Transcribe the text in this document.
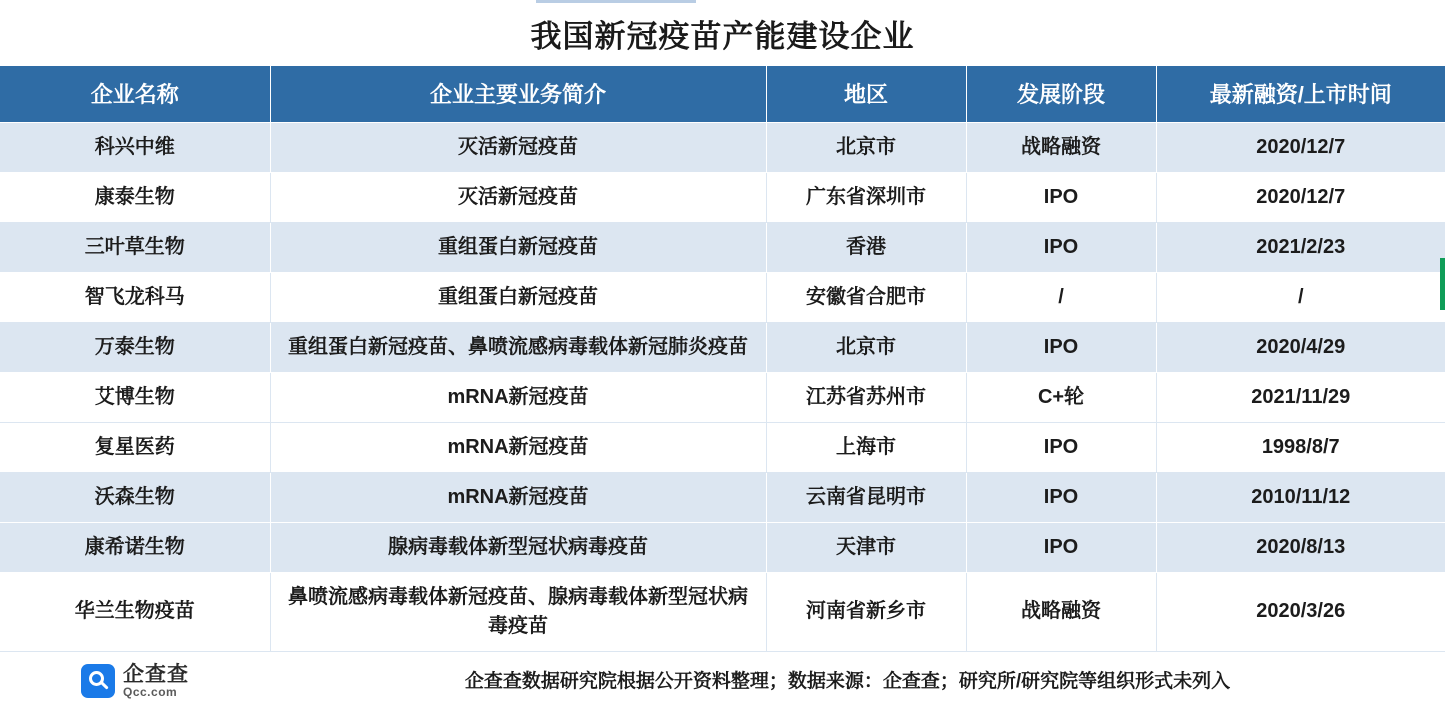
我国新冠疫苗产能建设企业
企业名称	企业主要业务简介	地区	发展阶段	最新融资/上市时间
科兴中维	灭活新冠疫苗	北京市	战略融资	2020/12/7
康泰生物	灭活新冠疫苗	广东省深圳市	IPO	2020/12/7
三叶草生物	重组蛋白新冠疫苗	香港	IPO	2021/2/23
智飞龙科马	重组蛋白新冠疫苗	安徽省合肥市	/	/
万泰生物	重组蛋白新冠疫苗、鼻喷流感病毒载体新冠肺炎疫苗	北京市	IPO	2020/4/29
艾博生物	mRNA新冠疫苗	江苏省苏州市	C+轮	2021/11/29
复星医药	mRNA新冠疫苗	上海市	IPO	1998/8/7
沃森生物	mRNA新冠疫苗	云南省昆明市	IPO	2010/11/12
康希诺生物	腺病毒载体新型冠状病毒疫苗	天津市	IPO	2020/8/13
华兰生物疫苗	鼻喷流感病毒载体新冠疫苗、腺病毒载体新型冠状病毒疫苗	河南省新乡市	战略融资	2020/3/26

企查查
Qcc.com
企查查数据研究院根据公开资料整理；数据来源：企查查；研究所/研究院等组织形式未列入				
